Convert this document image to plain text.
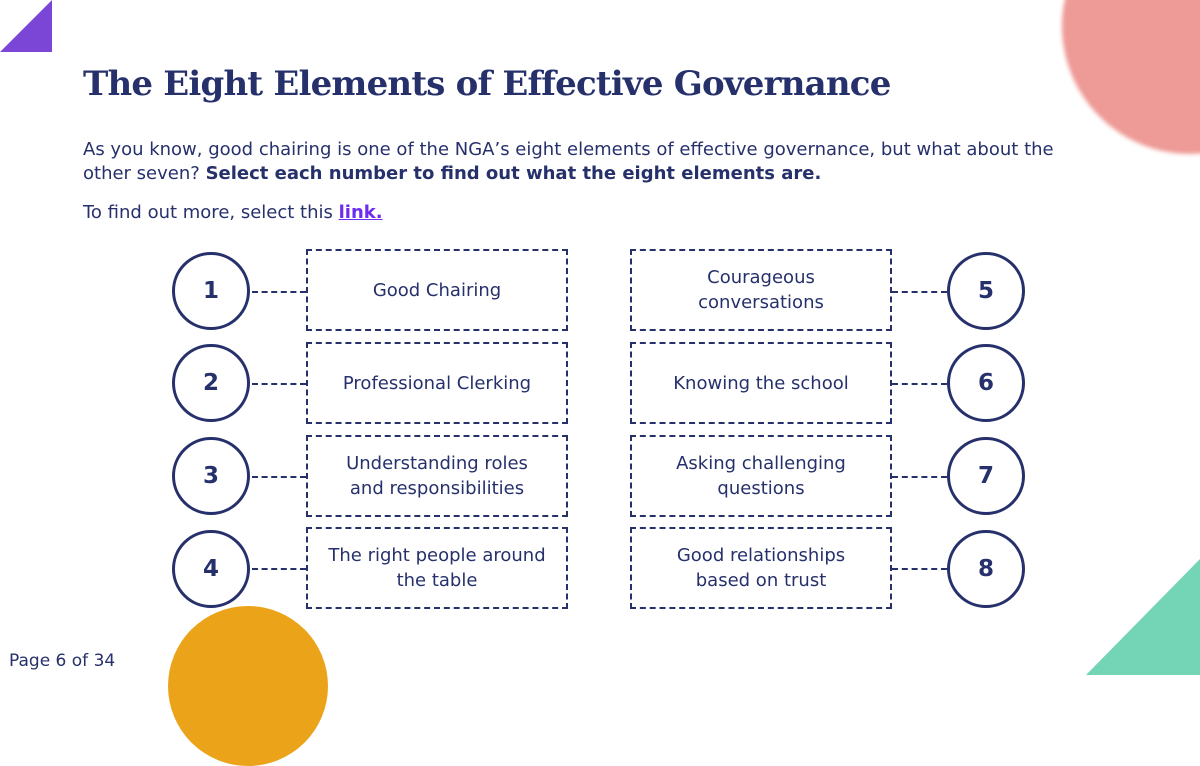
The Eight Elements of Effective Governance

As you know, good chairing is one of the NGA’s eight elements of effective governance, but what about the other seven? Select each number to find out what the eight elements are.

To find out more, select this link.

1	Good Chairing
2	Professional Clerking
3	Understanding roles and responsibilities
4
The right people around the table
Courageous conversations	5
Knowing the school	6
Asking challenging questions	7
Good relationships based on trust	8

Page 6 of 34
